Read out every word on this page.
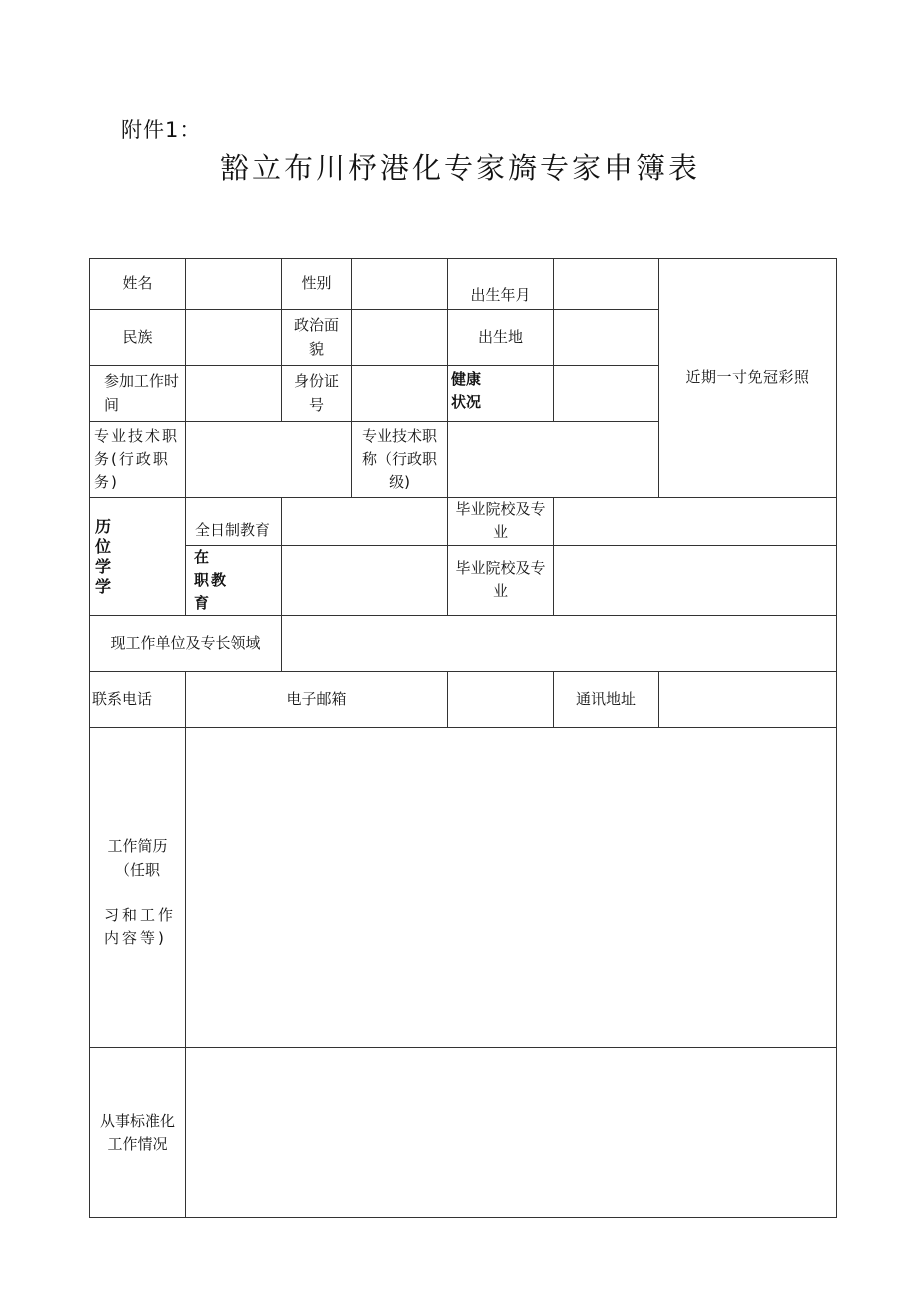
附件1：
豁立布川杼港化专家旖专家申簿表
姓名		性别		出生年月		近期一寸免冠彩照
民族		政治面貌		出生地		
参加工作时间		身份证号		健康状况		
专业技术职务(行政职务)			专业技术职称（行政职级)			

历位学学	全日制教育			毕业院校及专业		
	在 职教 育			毕业院校及专业		
现工作单位及专长领域						
联系电话	电子邮箱				通讯地址	

工作简历
（任职
习和工作内容等)						

从事标准化工作情况						
